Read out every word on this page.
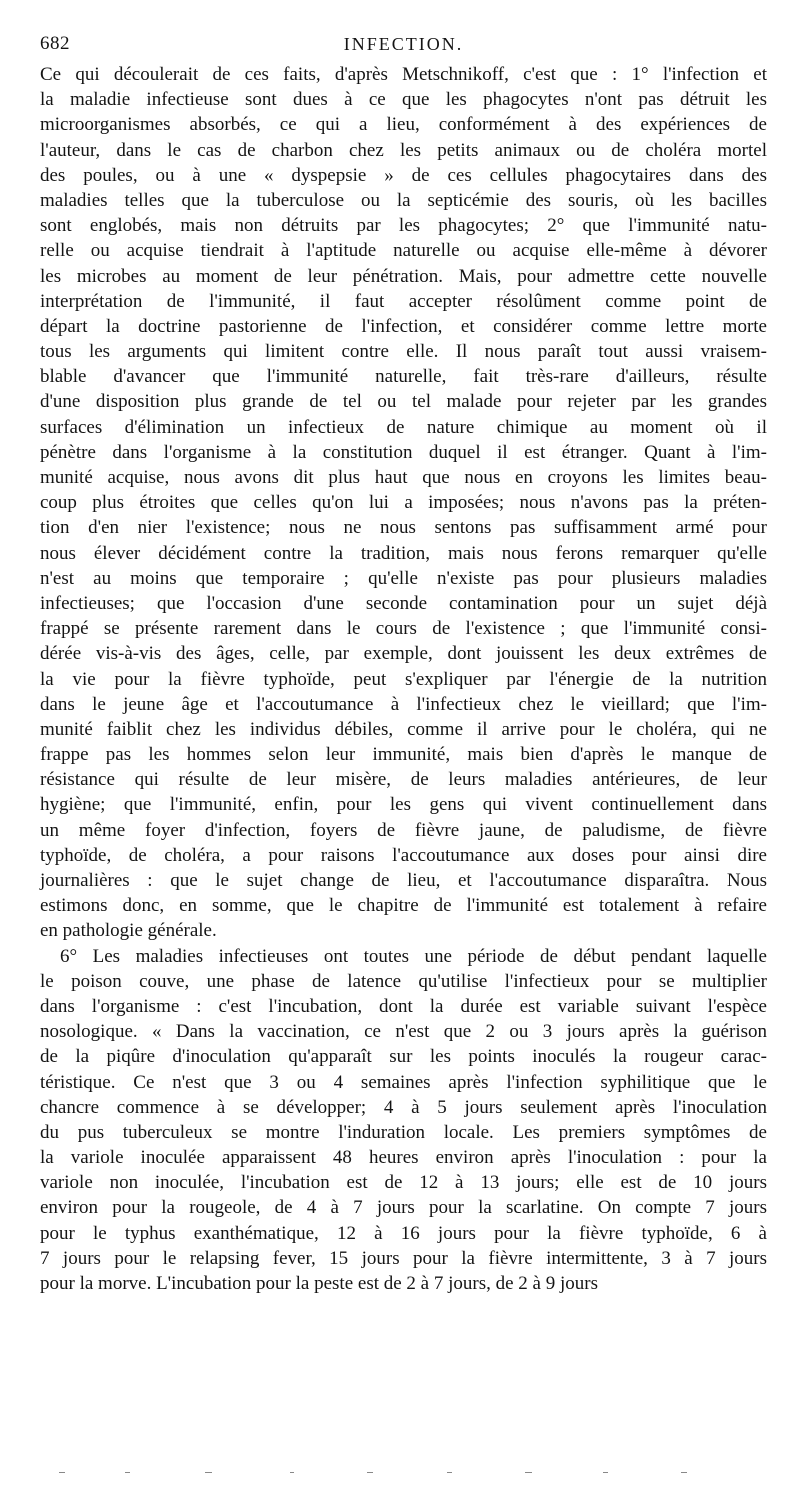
682	INFECTION.
Ce qui découlerait de ces faits, d'après Metschnikoff, c'est que : 1° l'infection et
la maladie infectieuse sont dues à ce que les phagocytes n'ont pas détruit les
microorganismes absorbés, ce qui a lieu, conformément à des expériences de
l'auteur, dans le cas de charbon chez les petits animaux ou de choléra mortel
des poules, ou à une « dyspepsie » de ces cellules phagocytaires dans des
maladies telles que la tuberculose ou la septicémie des souris, où les bacilles
sont englobés, mais non détruits par les phagocytes; 2° que l'immunité natu-
relle ou acquise tiendrait à l'aptitude naturelle ou acquise elle-même à dévorer
les microbes au moment de leur pénétration. Mais, pour admettre cette nouvelle
interprétation de l'immunité, il faut accepter résolûment comme point de
départ la doctrine pastorienne de l'infection, et considérer comme lettre morte
tous les arguments qui limitent contre elle. Il nous paraît tout aussi vraisem-
blable d'avancer que l'immunité naturelle, fait très-rare d'ailleurs, résulte
d'une disposition plus grande de tel ou tel malade pour rejeter par les grandes
surfaces d'élimination un infectieux de nature chimique au moment où il
pénètre dans l'organisme à la constitution duquel il est étranger. Quant à l'im-
munité acquise, nous avons dit plus haut que nous en croyons les limites beau-
coup plus étroites que celles qu'on lui a imposées; nous n'avons pas la préten-
tion d'en nier l'existence; nous ne nous sentons pas suffisamment armé pour
nous élever décidément contre la tradition, mais nous ferons remarquer qu'elle
n'est au moins que temporaire ; qu'elle n'existe pas pour plusieurs maladies
infectieuses; que l'occasion d'une seconde contamination pour un sujet déjà
frappé se présente rarement dans le cours de l'existence ; que l'immunité consi-
dérée vis-à-vis des âges, celle, par exemple, dont jouissent les deux extrêmes de
la vie pour la fièvre typhoïde, peut s'expliquer par l'énergie de la nutrition
dans le jeune âge et l'accoutumance à l'infectieux chez le vieillard; que l'im-
munité faiblit chez les individus débiles, comme il arrive pour le choléra, qui ne
frappe pas les hommes selon leur immunité, mais bien d'après le manque de
résistance qui résulte de leur misère, de leurs maladies antérieures, de leur
hygiène; que l'immunité, enfin, pour les gens qui vivent continuellement dans
un même foyer d'infection, foyers de fièvre jaune, de paludisme, de fièvre
typhoïde, de choléra, a pour raisons l'accoutumance aux doses pour ainsi dire
journalières : que le sujet change de lieu, et l'accoutumance disparaîtra. Nous
estimons donc, en somme, que le chapitre de l'immunité est totalement à refaire
en pathologie générale.
6° Les maladies infectieuses ont toutes une période de début pendant laquelle
le poison couve, une phase de latence qu'utilise l'infectieux pour se multiplier
dans l'organisme : c'est l'incubation, dont la durée est variable suivant l'espèce
nosologique. « Dans la vaccination, ce n'est que 2 ou 3 jours après la guérison
de la piqûre d'inoculation qu'apparaît sur les points inoculés la rougeur carac-
téristique. Ce n'est que 3 ou 4 semaines après l'infection syphilitique que le
chancre commence à se développer; 4 à 5 jours seulement après l'inoculation
du pus tuberculeux se montre l'induration locale. Les premiers symptômes de
la variole inoculée apparaissent 48 heures environ après l'inoculation : pour la
variole non inoculée, l'incubation est de 12 à 13 jours; elle est de 10 jours
environ pour la rougeole, de 4 à 7 jours pour la scarlatine. On compte 7 jours
pour le typhus exanthématique, 12 à 16 jours pour la fièvre typhoïde, 6 à
7 jours pour le relapsing fever, 15 jours pour la fièvre intermittente, 3 à 7 jours
pour la morve. L'incubation pour la peste est de 2 à 7 jours, de 2 à 9 jours
